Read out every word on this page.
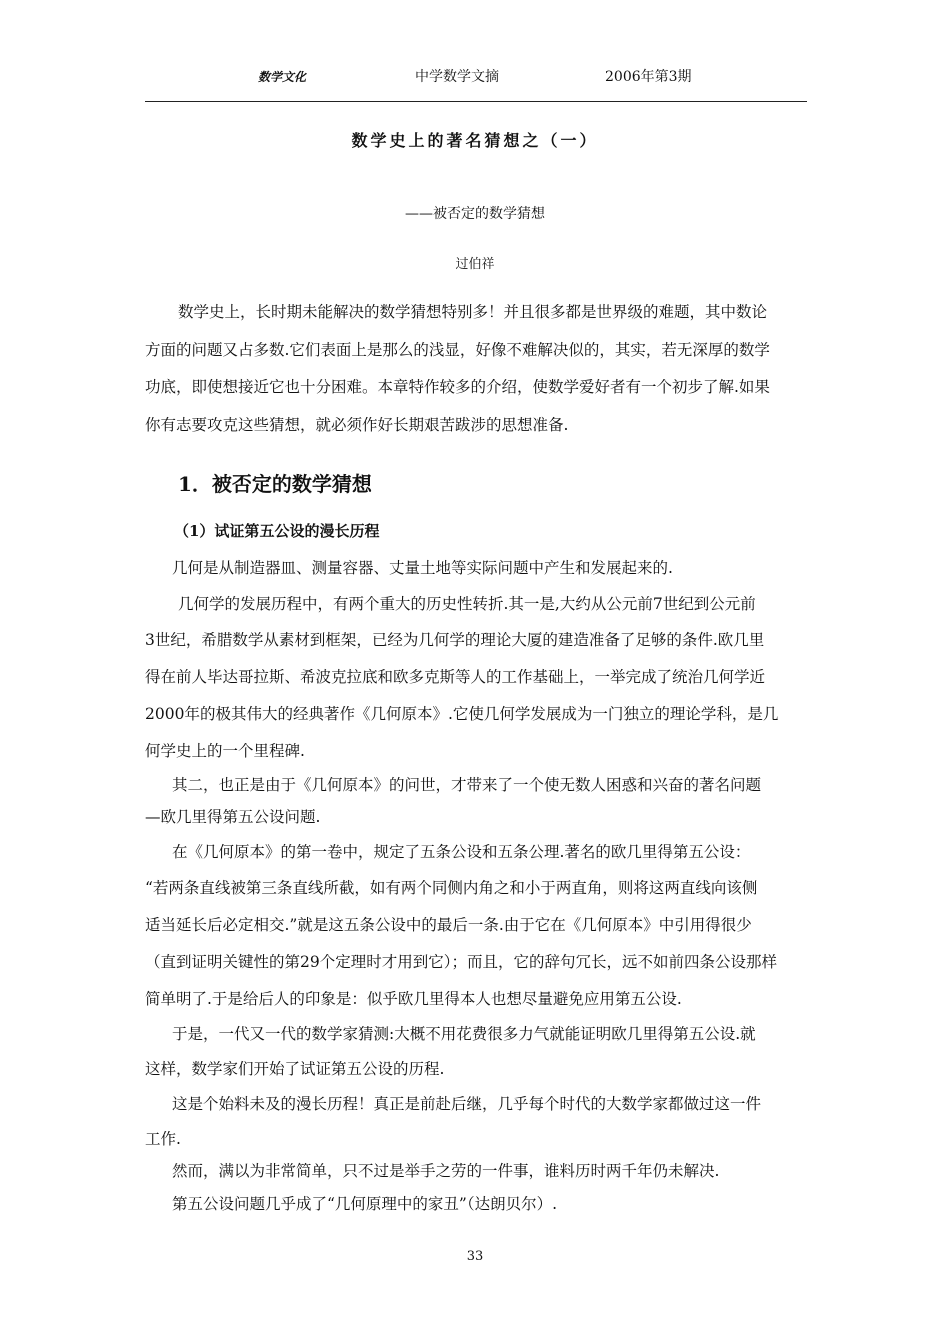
数学文化	中学数学文摘	2006年第3期
数学史上的著名猜想之（一）
——被否定的数学猜想
过伯祥
数学史上，长时期未能解决的数学猜想特别多！并且很多都是世界级的难题，其中数论
方面的问题又占多数.它们表面上是那么的浅显，好像不难解决似的，其实，若无深厚的数学
功底，即使想接近它也十分困难。本章特作较多的介绍，使数学爱好者有一个初步了解.如果
你有志要攻克这些猜想，就必须作好长期艰苦跋涉的思想准备.
1．被否定的数学猜想
（1）试证第五公设的漫长历程
几何是从制造器皿、测量容器、丈量土地等实际问题中产生和发展起来的.
几何学的发展历程中，有两个重大的历史性转折.其一是,大约从公元前7世纪到公元前
3世纪，希腊数学从素材到框架，已经为几何学的理论大厦的建造准备了足够的条件.欧几里
得在前人毕达哥拉斯、希波克拉底和欧多克斯等人的工作基础上，一举完成了统治几何学近
2000年的极其伟大的经典著作《几何原本》.它使几何学发展成为一门独立的理论学科，是几
何学史上的一个里程碑.
其二，也正是由于《几何原本》的问世，才带来了一个使无数人困惑和兴奋的著名问题
—欧几里得第五公设问题.
在《几何原本》的第一卷中，规定了五条公设和五条公理.著名的欧几里得第五公设：
“若两条直线被第三条直线所截，如有两个同侧内角之和小于两直角，则将这两直线向该侧
适当延长后必定相交.”就是这五条公设中的最后一条.由于它在《几何原本》中引用得很少
（直到证明关键性的第29个定理时才用到它）；而且，它的辞句冗长，远不如前四条公设那样
简单明了.于是给后人的印象是：似乎欧几里得本人也想尽量避免应用第五公设.
于是，一代又一代的数学家猜测:大概不用花费很多力气就能证明欧几里得第五公设.就
这样，数学家们开始了试证第五公设的历程.
这是个始料未及的漫长历程！真正是前赴后继，几乎每个时代的大数学家都做过这一件
工作.
然而，满以为非常简单，只不过是举手之劳的一件事，谁料历时两千年仍未解决.
第五公设问题几乎成了“几何原理中的家丑”（达朗贝尔）.
33
